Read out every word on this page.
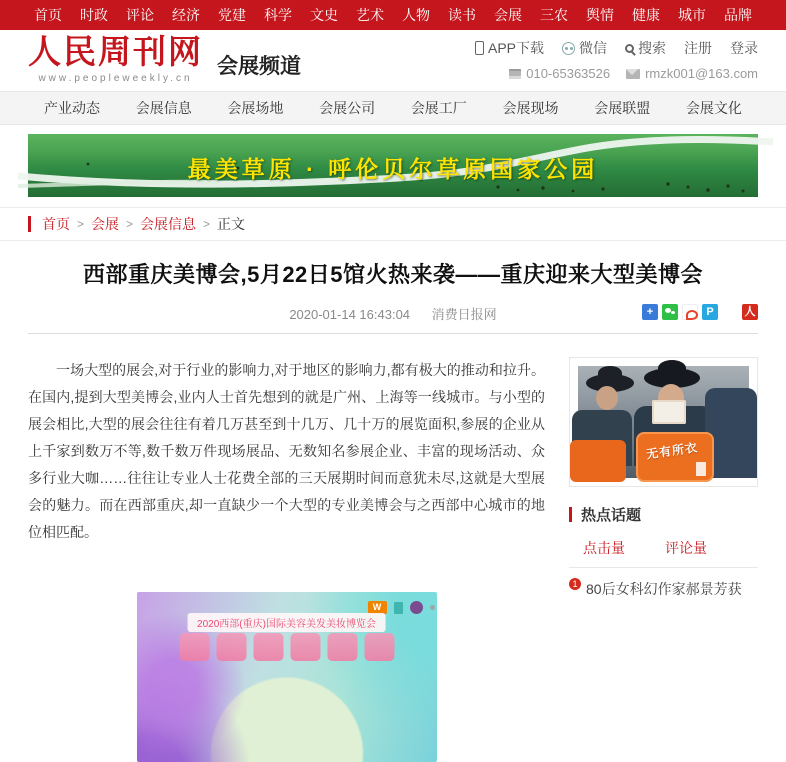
首页 时政 评论 经济 党建 科学 文史 艺术 人物 读书 会展 三农 舆情 健康 城市 品牌
人民周刊网
www.peopleweekly.cn
会展频道
APP下载	微信 搜索 注册 登录
010-65363526	rmzk001@163.com
产业动态	会展信息	会展场地	会展公司	会展工厂	会展现场	会展联盟	会展文化
最美草原 · 呼伦贝尔草原国家公园
首页 > 会展 > 会展信息 > 正文
西部重庆美博会,5月22日5馆火热来袭——重庆迎来大型美博会
2020-01-14 16:43:04 消费日报网	+	P	★ 人

一场大型的展会,对于行业的影响力,对于地区的影响力,都有极大的推动和拉升。在国内,提到大型美博会,业内人士首先想到的就是广州、上海等一线城市。与小型的展会相比,大型的展会往往有着几万甚至到十几万、几十万的展览面积,参展的企业从上千家到数万不等,数千数万件现场展品、无数知名参展企业、丰富的现场活动、众多行业大咖……往往让专业人士花费全部的三天展期时间而意犹未尽,这就是大型展会的魅力。而在西部重庆,却一直缺少一个大型的专业美博会与之西部中心城市的地位相匹配。

W
2020西部(重庆)国际美容美发美妆博览会
无有所衣
热点话题
点击量	评论量
1 80后女科幻作家郝景芳获
